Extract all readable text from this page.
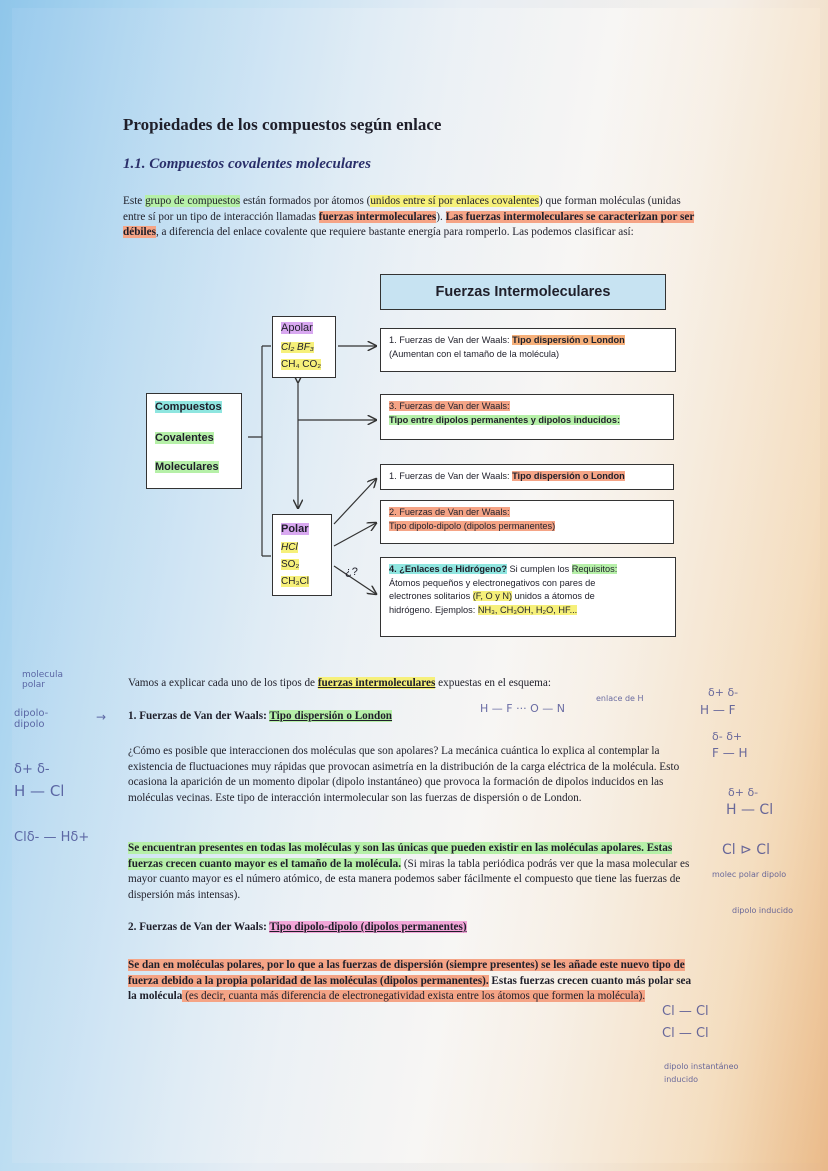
Propiedades de los compuestos según enlace
1.1. Compuestos covalentes moleculares
Este grupo de compuestos están formados por átomos (unidos entre sí por enlaces covalentes) que forman moléculas (unidas entre sí por un tipo de interacción llamadas fuerzas intermoleculares). Las fuerzas intermoleculares se caracterizan por ser débiles, a diferencia del enlace covalente que requiere bastante energía para romperlo. Las podemos clasificar así:
Fuerzas Intermoleculares
Compuestos
Covalentes
Moleculares
Apolar
Cl₂ BF₃
CH₄ CO₂
Polar
HCl
SO₂
CH₃Cl
¿?
1. Fuerzas de Van der Waals: Tipo dispersión o London
(Aumentan con el tamaño de la molécula)
3. Fuerzas de Van der Waals:
Tipo entre dipolos permanentes y dipolos inducidos:
1. Fuerzas de Van der Waals: Tipo dispersión o London
2. Fuerzas de Van der Waals:
Tipo dipolo-dipolo (dipolos permanentes)
4. ¿Enlaces de Hidrógeno? Si cumplen los Requisitos:
Átomos pequeños y electronegativos con pares de
electrones solitarios (F, O y N) unidos a átomos de
hidrógeno. Ejemplos: NH₃, CH₃OH, H₂O, HF...
Vamos a explicar cada uno de los tipos de fuerzas intermoleculares expuestas en el esquema:
1. Fuerzas de Van der Waals: Tipo dispersión o London
¿Cómo es posible que interaccionen dos moléculas que son apolares? La mecánica cuántica lo explica al contemplar la existencia de fluctuaciones muy rápidas que provocan asimetría en la distribución de la carga eléctrica de la molécula. Esto ocasiona la aparición de un momento dipolar (dipolo instantáneo) que provoca la formación de dipolos inducidos en las moléculas vecinas. Este tipo de interacción intermolecular son las fuerzas de dispersión o de London.
Se encuentran presentes en todas las moléculas y son las únicas que pueden existir en las moléculas apolares. Estas fuerzas crecen cuanto mayor es el tamaño de la molécula. (Si miras la tabla periódica podrás ver que la masa molecular es mayor cuanto mayor es el número atómico, de esta manera podemos saber fácilmente el compuesto que tiene las fuerzas de dispersión más intensas).
2. Fuerzas de Van der Waals: Tipo dipolo-dipolo (dipolos permanentes)
Se dan en moléculas polares, por lo que a las fuerzas de dispersión (siempre presentes) se les añade este nuevo tipo de fuerza debido a la propia polaridad de las moléculas (dipolos permanentes). Estas fuerzas crecen cuanto más polar sea la molécula (es decir, cuanta más diferencia de electronegatividad exista entre los átomos que formen la molécula).
molecula polar
dipolo-dipolo
δ+ δ-
H — Cl
Clδ- — Hδ+
→
H — F ··· O — N
enlace de H	δ+ δ-
H — F
δ- δ+
F — H
δ+ δ-
H — Cl
Cl ⊳ Cl
molec polar dipolo
dipolo inducido
Cl — Cl
Cl — Cl
dipolo instantáneo inducido
